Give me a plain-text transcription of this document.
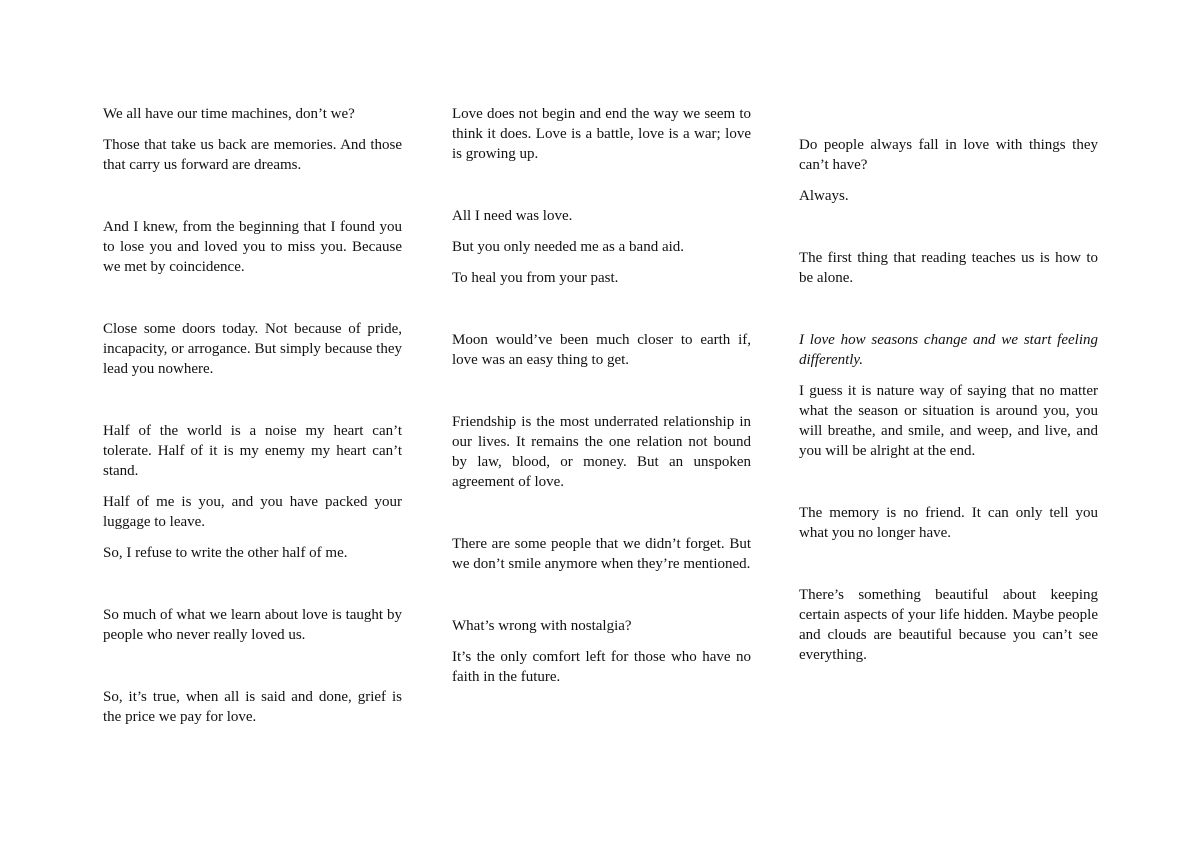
We all have our time machines, don’t we?

Those that take us back are memories. And those that carry us forward are dreams.

And I knew, from the beginning that I found you to lose you and loved you to miss you. Because we met by coincidence.

Close some doors today. Not because of pride, incapacity, or arrogance. But simply because they lead you nowhere.

Half of the world is a noise my heart can’t tolerate. Half of it is my enemy my heart can’t stand.

Half of me is you, and you have packed your luggage to leave.

So, I refuse to write the other half of me.

So much of what we learn about love is taught by people who never really loved us.

So, it’s true, when all is said and done, grief is the price we pay for love.

Love does not begin and end the way we seem to think it does. Love is a battle, love is a war; love is growing up.

All I need was love.

But you only needed me as a band aid.

To heal you from your past.

Moon would’ve been much closer to earth if, love was an easy thing to get.

Friendship is the most underrated relationship in our lives. It remains the one relation not bound by law, blood, or money. But an unspoken agreement of love.

There are some people that we didn’t forget. But we don’t smile anymore when they’re mentioned.

What’s wrong with nostalgia?

It’s the only comfort left for those who have no faith in the future.

Do people always fall in love with things they can’t have?

Always.

The first thing that reading teaches us is how to be alone.

I love how seasons change and we start feeling differently.

I guess it is nature way of saying that no matter what the season or situation is around you, you will breathe, and smile, and weep, and live, and you will be alright at the end.

The memory is no friend. It can only tell you what you no longer have.

There’s something beautiful about keeping certain aspects of your life hidden. Maybe people and clouds are beautiful because you can’t see everything.
